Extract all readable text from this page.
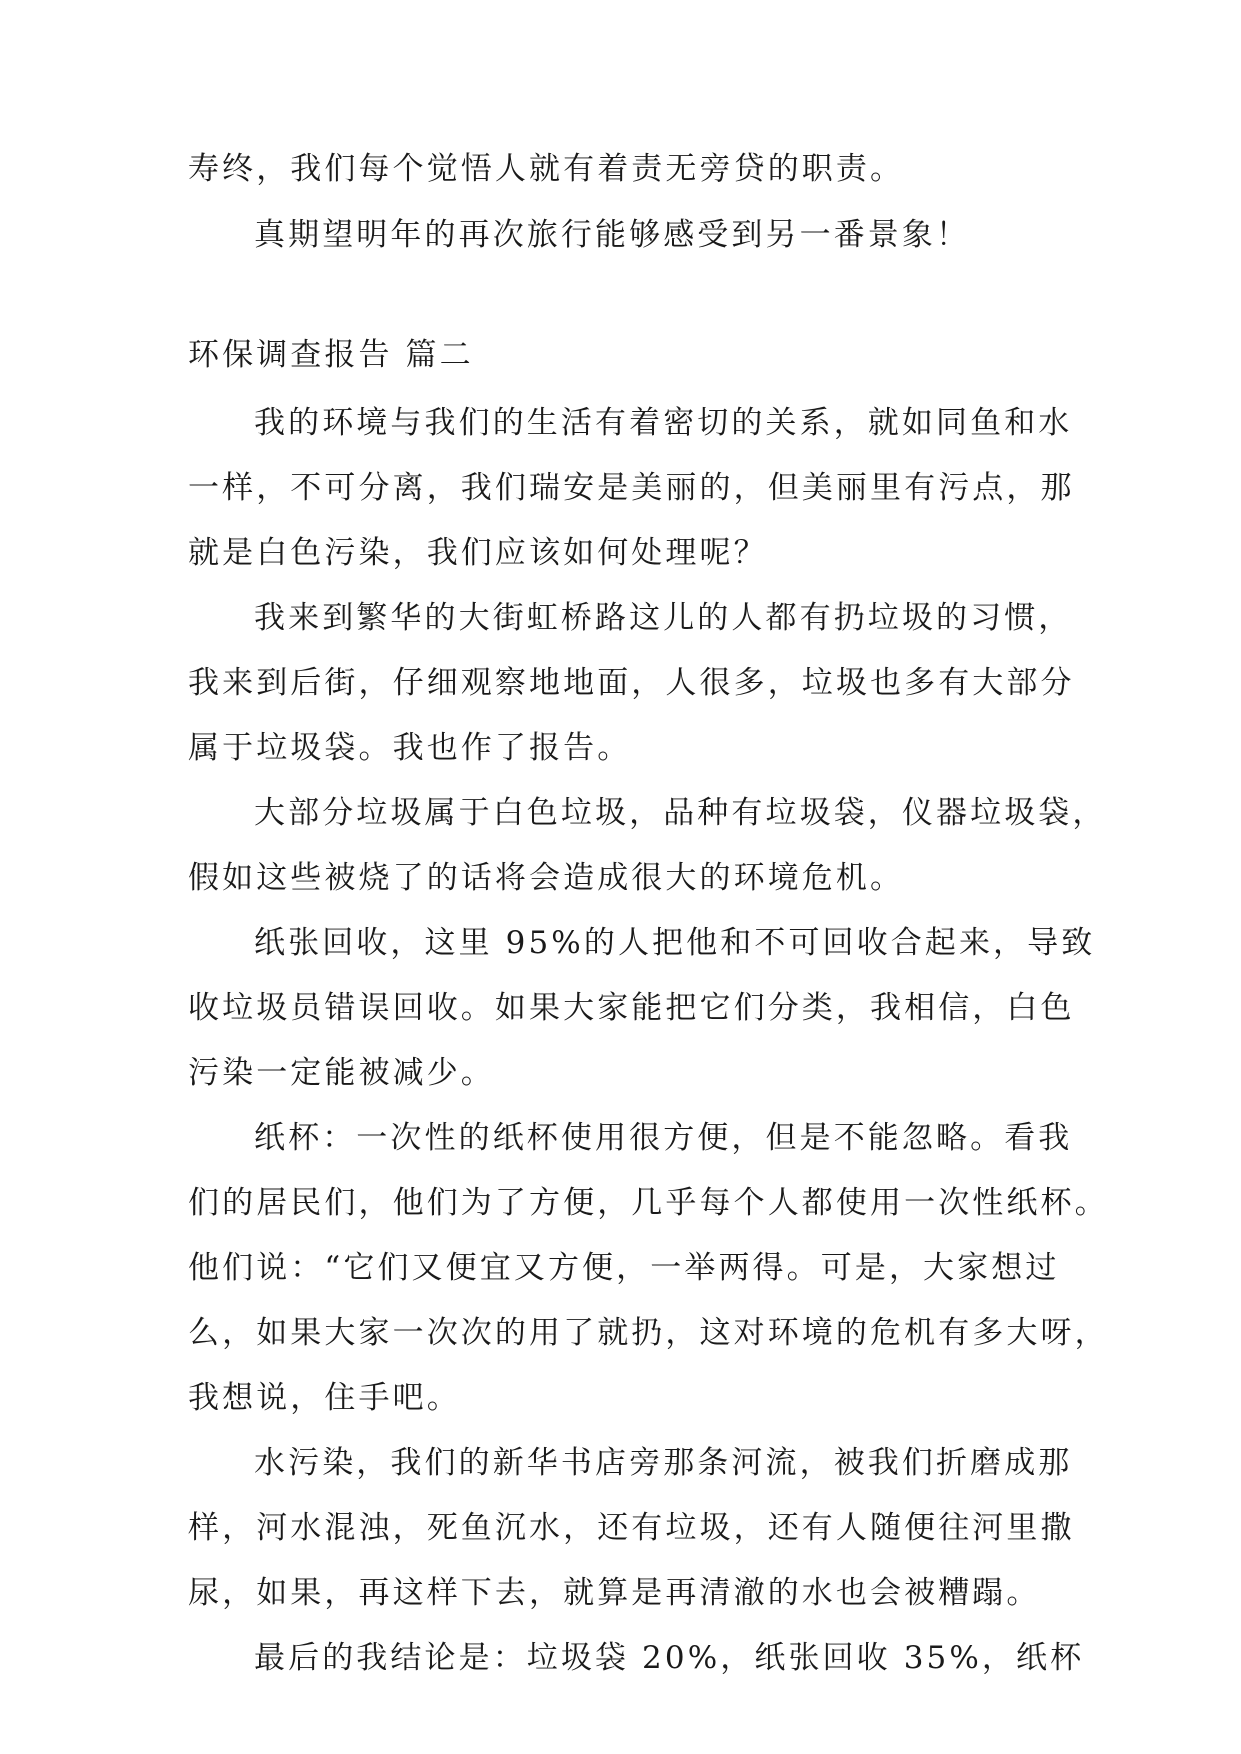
寿终，我们每个觉悟人就有着责无旁贷的职责。
真期望明年的再次旅行能够感受到另一番景象！
环保调查报告 篇二
我的环境与我们的生活有着密切的关系，就如同鱼和水
一样，不可分离，我们瑞安是美丽的，但美丽里有污点，那
就是白色污染，我们应该如何处理呢？
我来到繁华的大街虹桥路这儿的人都有扔垃圾的习惯，
我来到后街，仔细观察地地面，人很多，垃圾也多有大部分
属于垃圾袋。我也作了报告。
大部分垃圾属于白色垃圾，品种有垃圾袋，仪器垃圾袋，
假如这些被烧了的话将会造成很大的环境危机。
纸张回收，这里 95%的人把他和不可回收合起来，导致
收垃圾员错误回收。如果大家能把它们分类，我相信，白色
污染一定能被减少。
纸杯：一次性的纸杯使用很方便，但是不能忽略。看我
们的居民们，他们为了方便，几乎每个人都使用一次性纸杯。
他们说：“它们又便宜又方便，一举两得。可是，大家想过
么，如果大家一次次的用了就扔，这对环境的危机有多大呀，
我想说，住手吧。
水污染，我们的新华书店旁那条河流，被我们折磨成那
样，河水混浊，死鱼沉水，还有垃圾，还有人随便往河里撒
尿，如果，再这样下去，就算是再清澈的水也会被糟蹋。
最后的我结论是：垃圾袋 20%，纸张回收 35%，纸杯
